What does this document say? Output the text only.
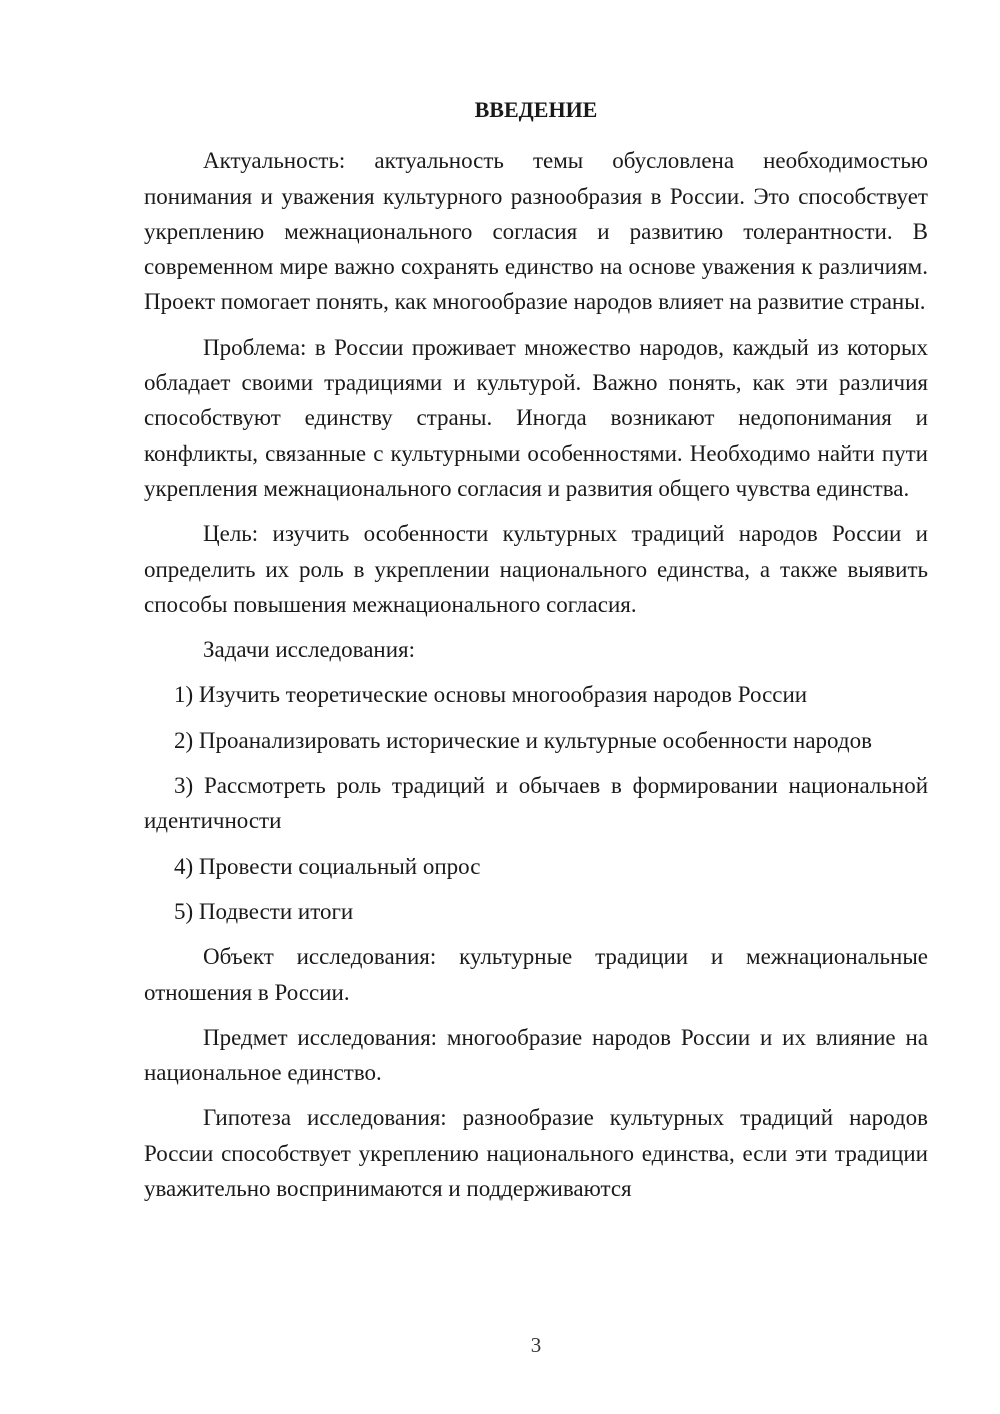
ВВЕДЕНИЕ

Актуальность: актуальность темы обусловлена необходимостью понимания и уважения культурного разнообразия в России. Это способствует укреплению межнационального согласия и развитию толерантности. В современном мире важно сохранять единство на основе уважения к различиям. Проект помогает понять, как многообразие народов влияет на развитие страны.

Проблема: в России проживает множество народов, каждый из которых обладает своими традициями и культурой. Важно понять, как эти различия способствуют единству страны. Иногда возникают недопонимания и конфликты, связанные с культурными особенностями. Необходимо найти пути укрепления межнационального согласия и развития общего чувства единства.

Цель: изучить особенности культурных традиций народов России и определить их роль в укреплении национального единства, а также выявить способы повышения межнационального согласия.

Задачи исследования:

1) Изучить теоретические основы многообразия народов России

2) Проанализировать исторические и культурные особенности народов

3) Рассмотреть роль традиций и обычаев в формировании национальной идентичности

4) Провести социальный опрос

5) Подвести итоги

Объект исследования: культурные традиции и межнациональные отношения в России.

Предмет исследования: многообразие народов России и их влияние на национальное единство.

Гипотеза исследования: разнообразие культурных традиций народов России способствует укреплению национального единства, если эти традиции уважительно воспринимаются и поддерживаются

3
